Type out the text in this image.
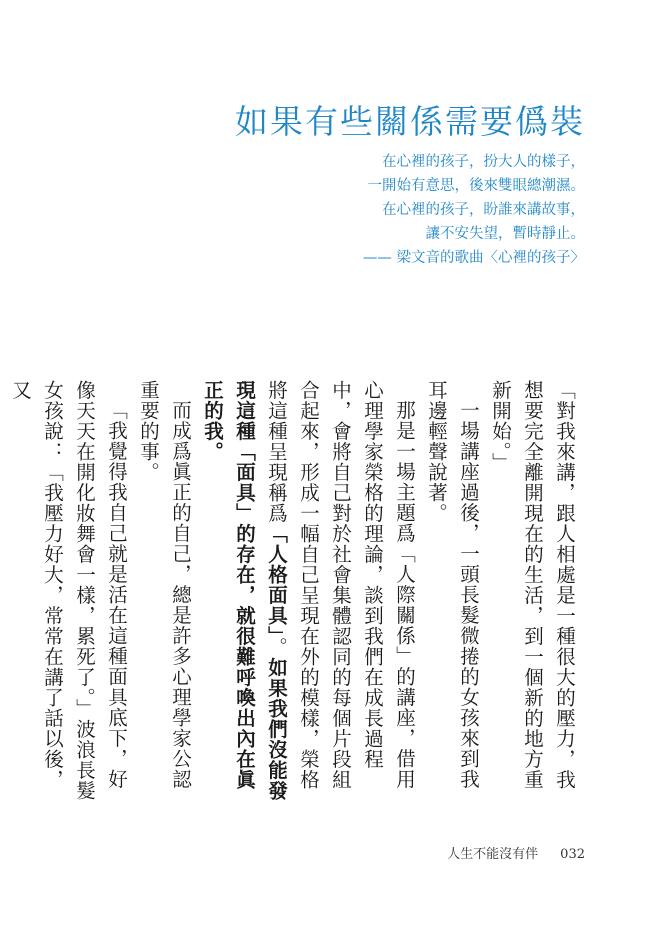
如果有些關係需要僞裝
在心裡的孩子，扮大人的樣子，
一開始有意思，後來雙眼總潮濕。
在心裡的孩子，盼誰來講故事，
讓不安失望，暫時靜止。
—— 梁文音的歌曲〈心裡的孩子〉

「對我來講，跟人相處是一種很大的壓力，我想要完全離開現在的生活，到一個新的地方重新開始。」

一場講座過後，一頭長髮微捲的女孩來到我耳邊輕聲說著。

那是一場主題爲「人際關係」的講座，借用心理學家榮格的理論，談到我們在成長過程中，會將自己對於社會集體認同的每個片段組合起來，形成一幅自己呈現在外的模樣，榮格將這種呈現稱爲「人格面具」。如果我們沒能發現這種「面具」的存在，就很難呼喚出內在眞正的我。

而成爲眞正的自己，總是許多心理學家公認重要的事。

「我覺得我自己就是活在這種面具底下，好像天天在開化妝舞會一樣，累死了。」波浪長髮女孩說：「我壓力好大，常常在講了話以後，又

人生不能沒有伴 032
